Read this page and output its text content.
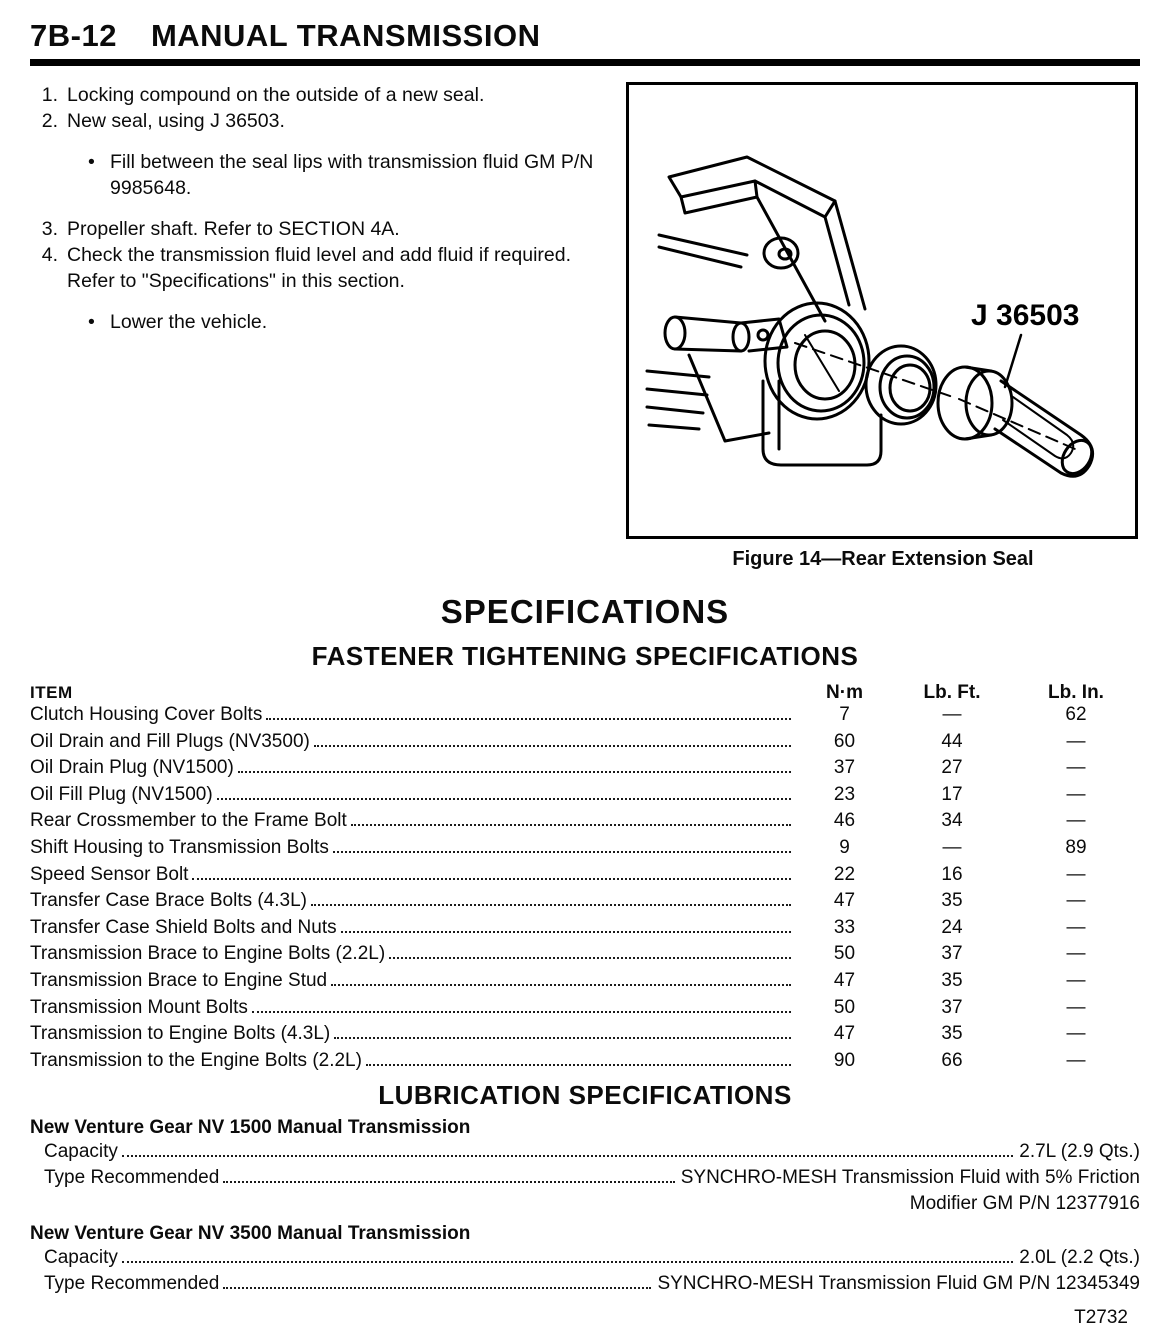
7B-12 MANUAL TRANSMISSION
1. Locking compound on the outside of a new seal.
2. New seal, using J 36503.
• Fill between the seal lips with transmission fluid GM P/N 9985648.
3. Propeller shaft. Refer to SECTION 4A.
4. Check the transmission fluid level and add fluid if required. Refer to "Specifications" in this section.
• Lower the vehicle.	J 36503
Figure 14—Rear Extension Seal
SPECIFICATIONS
FASTENER TIGHTENING SPECIFICATIONS
ITEM	N·m	Lb. Ft.	Lb. In.
Clutch Housing Cover Bolts	7	—	62
Oil Drain and Fill Plugs (NV3500)	60	44	—
Oil Drain Plug (NV1500)	37	27	—
Oil Fill Plug (NV1500)	23	17	—
Rear Crossmember to the Frame Bolt	46	34	—
Shift Housing to Transmission Bolts	9	—	89
Speed Sensor Bolt	22	16	—
Transfer Case Brace Bolts (4.3L)	47	35	—
Transfer Case Shield Bolts and Nuts	33	24	—
Transmission Brace to Engine Bolts (2.2L)	50	37	—
Transmission Brace to Engine Stud	47	35	—
Transmission Mount Bolts	50	37	—
Transmission to Engine Bolts (4.3L)	47	35	—
Transmission to the Engine Bolts (2.2L)	90	66	—
LUBRICATION SPECIFICATIONS
New Venture Gear NV 1500 Manual Transmission
Capacity	2.7L (2.9 Qts.)
Type Recommended	SYNCHRO-MESH Transmission Fluid with 5% Friction
Modifier GM P/N 12377916
New Venture Gear NV 3500 Manual Transmission
Capacity	2.0L (2.2 Qts.)
Type Recommended	SYNCHRO-MESH Transmission Fluid GM P/N 12345349
T2732
